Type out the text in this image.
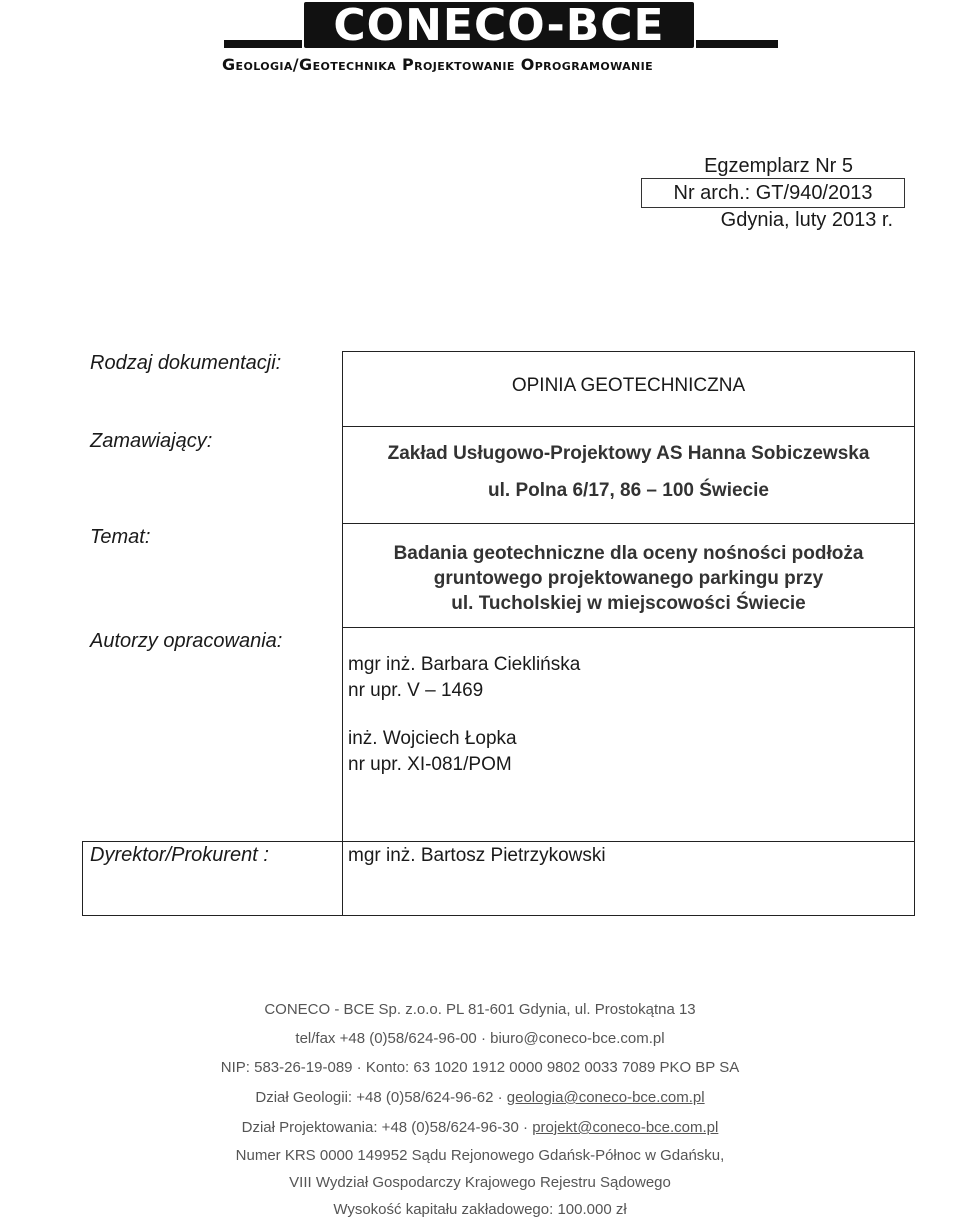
CONECO-BCE
Geologia/Geotechnika Projektowanie Oprogramowanie
Egzemplarz Nr 5
Nr arch.: GT/940/2013
Gdynia, luty 2013 r.
Rodzaj dokumentacji:
Zamawiający:
Temat:
Autorzy opracowania:
Dyrektor/Prokurent :
OPINIA GEOTECHNICZNA
Zakład Usługowo-Projektowy AS Hanna Sobiczewska
ul. Polna 6/17, 86 – 100 Świecie
Badania geotechniczne dla oceny nośności podłoża
gruntowego projektowanego parkingu przy
ul. Tucholskiej w miejscowości Świecie
mgr inż. Barbara Cieklińska
nr upr. V – 1469
inż. Wojciech Łopka
nr upr. XI-081/POM
mgr inż. Bartosz Pietrzykowski
CONECO - BCE Sp. z.o.o. PL 81-601 Gdynia, ul. Prostokątna 13
tel/fax +48 (0)58/624-96-00 · biuro@coneco-bce.com.pl
NIP: 583-26-19-089 · Konto: 63 1020 1912 0000 9802 0033 7089 PKO BP SA
Dział Geologii: +48 (0)58/624-96-62 · geologia@coneco-bce.com.pl
Dział Projektowania: +48 (0)58/624-96-30 · projekt@coneco-bce.com.pl
Numer KRS 0000 149952 Sądu Rejonowego Gdańsk-Północ w Gdańsku,
VIII Wydział Gospodarczy Krajowego Rejestru Sądowego
Wysokość kapitału zakładowego: 100.000 zł
